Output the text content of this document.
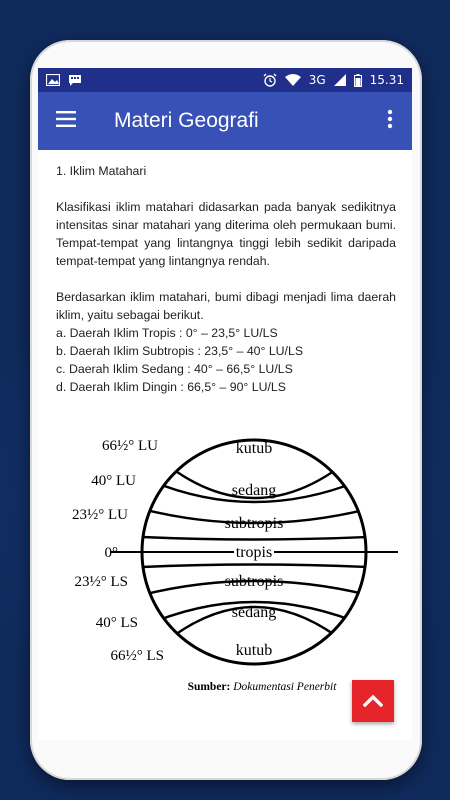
3G	15.31
Materi Geografi

1. Iklim Matahari

Klasifikasi iklim matahari didasarkan pada banyak sedikitnya intensitas sinar matahari yang diterima oleh permukaan bumi. Tempat-tempat yang lintangnya tinggi lebih sedikit daripada tempat-tempat yang lintangnya rendah.

Berdasarkan iklim matahari, bumi dibagi menjadi lima daerah iklim, yaitu sebagai berikut.

a. Daerah Iklim Tropis : 0° – 23,5° LU/LS
b. Daerah Iklim Subtropis : 23,5° – 40° LU/LS
c. Daerah Iklim Sedang : 40° – 66,5° LU/LS
d. Daerah Iklim Dingin : 66,5° – 90° LU/LS
66½° LU
40° LU
23½° LU
0°
23½° LS
40° LS
66½° LS
kutub
sedang
subtropis
tropis
subtropis
sedang
kutub
Sumber: Dokumentasi Penerbit
